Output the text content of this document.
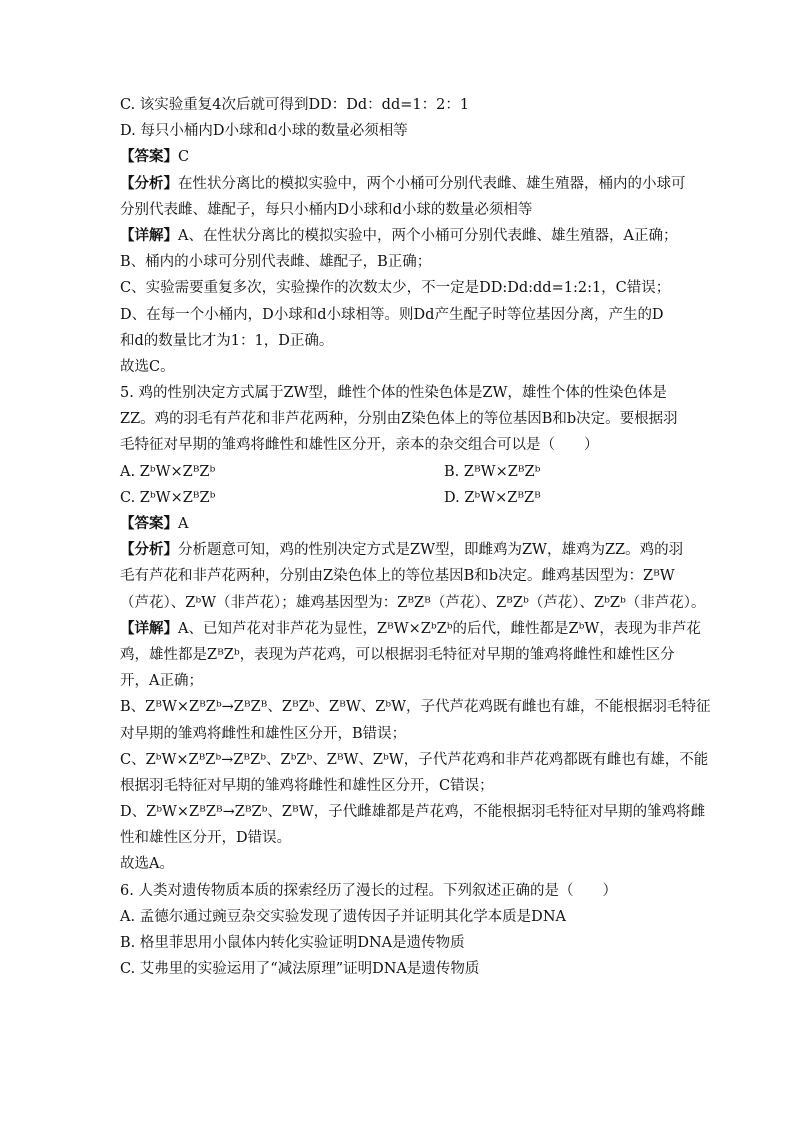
C. 该实验重复4次后就可得到DD：Dd：dd=1：2：1
D. 每只小桶内D小球和d小球的数量必须相等
【答案】C
【分析】在性状分离比的模拟实验中，两个小桶可分别代表雌、雄生殖器，桶内的小球可
分别代表雌、雄配子，每只小桶内D小球和d小球的数量必须相等
【详解】A、在性状分离比的模拟实验中，两个小桶可分别代表雌、雄生殖器，A正确；
B、桶内的小球可分别代表雌、雄配子，B正确；
C、实验需要重复多次，实验操作的次数太少，不一定是DD:Dd:dd=1:2:1，C错误；
D、在每一个小桶内，D小球和d小球相等。则Dd产生配子时等位基因分离，产生的D
和d的数量比才为1：1，D正确。
故选C。
5. 鸡的性别决定方式属于ZW型，雌性个体的性染色体是ZW，雄性个体的性染色体是
ZZ。鸡的羽毛有芦花和非芦花两种，分别由Z染色体上的等位基因B和b决定。要根据羽
毛特征对早期的雏鸡将雌性和雄性区分开，亲本的杂交组合可以是（　　）
A. ZᵇW×ZᴮZᵇ	B. ZᴮW×ZᴮZᵇ
C. ZᵇW×ZᴮZᵇ	D. ZᵇW×ZᴮZᴮ
【答案】A
【分析】分析题意可知，鸡的性别决定方式是ZW型，即雌鸡为ZW，雄鸡为ZZ。鸡的羽
毛有芦花和非芦花两种，分别由Z染色体上的等位基因B和b决定。雌鸡基因型为：ZᴮW
（芦花）、ZᵇW（非芦花）；雄鸡基因型为：ZᴮZᴮ（芦花）、ZᴮZᵇ（芦花）、ZᵇZᵇ（非芦花）。
【详解】A、已知芦花对非芦花为显性，ZᴮW×ZᵇZᵇ的后代，雌性都是ZᵇW，表现为非芦花
鸡，雄性都是ZᴮZᵇ，表现为芦花鸡，可以根据羽毛特征对早期的雏鸡将雌性和雄性区分
开，A正确；
B、ZᴮW×ZᴮZᵇ→ZᴮZᴮ、ZᴮZᵇ、ZᴮW、ZᵇW，子代芦花鸡既有雌也有雄，不能根据羽毛特征
对早期的雏鸡将雌性和雄性区分开，B错误；
C、ZᵇW×ZᴮZᵇ→ZᴮZᵇ、ZᵇZᵇ、ZᴮW、ZᵇW，子代芦花鸡和非芦花鸡都既有雌也有雄，不能
根据羽毛特征对早期的雏鸡将雌性和雄性区分开，C错误；
D、ZᵇW×ZᴮZᴮ→ZᴮZᵇ、ZᴮW，子代雌雄都是芦花鸡，不能根据羽毛特征对早期的雏鸡将雌
性和雄性区分开，D错误。
故选A。
6. 人类对遗传物质本质的探索经历了漫长的过程。下列叙述正确的是（　　）
A. 孟德尔通过豌豆杂交实验发现了遗传因子并证明其化学本质是DNA
B. 格里菲思用小鼠体内转化实验证明DNA是遗传物质
C. 艾弗里的实验运用了“减法原理”证明DNA是遗传物质
